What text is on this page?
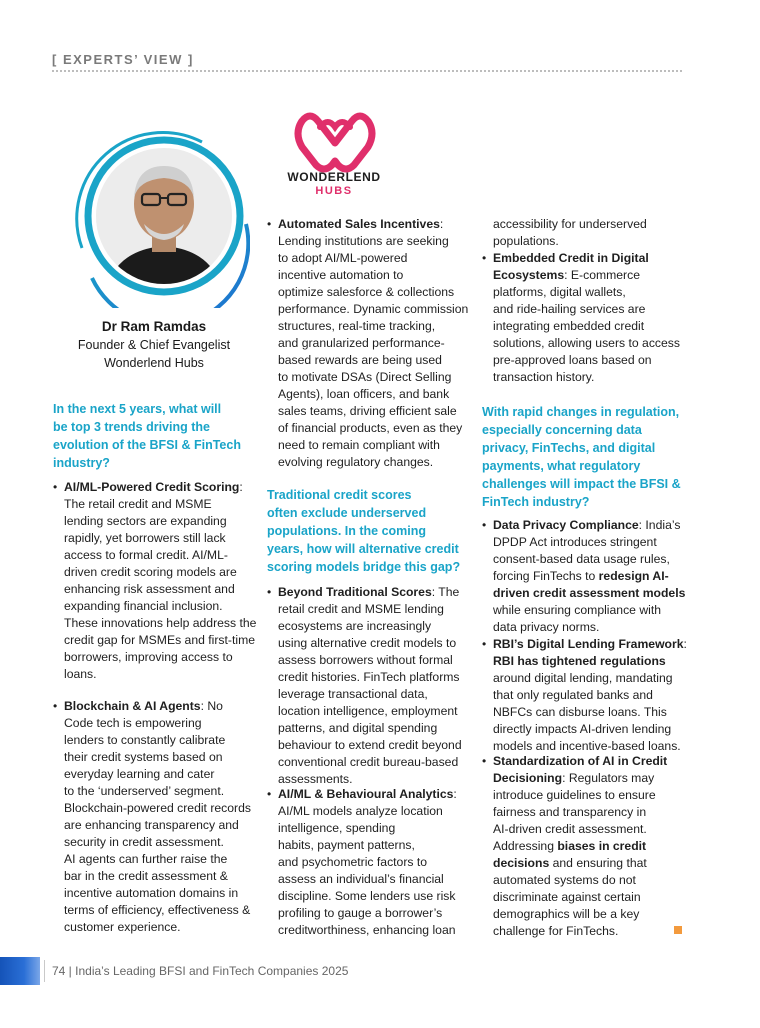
[ EXPERTS’ VIEW ]
WONDERLEND
HUBS
Dr Ram Ramdas
Founder & Chief Evangelist
Wonderlend Hubs
In the next 5 years, what will
be top 3 trends driving the
evolution of the BFSI & FinTech
industry?
• AI/ML-Powered Credit Scoring:
The retail credit and MSME
lending sectors are expanding
rapidly, yet borrowers still lack
access to formal credit. AI/ML-
driven credit scoring models are
enhancing risk assessment and
expanding financial inclusion.
These innovations help address the
credit gap for MSMEs and first-time
borrowers, improving access to
loans.
• Blockchain & AI Agents: No
Code tech is empowering
lenders to constantly calibrate
their credit systems based on
everyday learning and cater
to the ‘underserved’ segment.
Blockchain-powered credit records
are enhancing transparency and
security in credit assessment.
AI agents can further raise the
bar in the credit assessment &
incentive automation domains in
terms of efficiency, effectiveness &
customer experience.
• Automated Sales Incentives:
Lending institutions are seeking
to adopt AI/ML-powered
incentive automation to
optimize salesforce & collections
performance. Dynamic commission
structures, real-time tracking,
and granularized performance-
based rewards are being used
to motivate DSAs (Direct Selling
Agents), loan officers, and bank
sales teams, driving efficient sale
of financial products, even as they
need to remain compliant with
evolving regulatory changes.
Traditional credit scores
often exclude underserved
populations. In the coming
years, how will alternative credit
scoring models bridge this gap?
• Beyond Traditional Scores: The
retail credit and MSME lending
ecosystems are increasingly
using alternative credit models to
assess borrowers without formal
credit histories. FinTech platforms
leverage transactional data,
location intelligence, employment
patterns, and digital spending
behaviour to extend credit beyond
conventional credit bureau-based
assessments.
• AI/ML & Behavioural Analytics:
AI/ML models analyze location
intelligence, spending
habits, payment patterns,
and psychometric factors to
assess an individual’s financial
discipline. Some lenders use risk
profiling to gauge a borrower’s
creditworthiness, enhancing loan
accessibility for underserved
populations.
• Embedded Credit in Digital
Ecosystems: E-commerce
platforms, digital wallets,
and ride-hailing services are
integrating embedded credit
solutions, allowing users to access
pre-approved loans based on
transaction history.
With rapid changes in regulation,
especially concerning data
privacy, FinTechs, and digital
payments, what regulatory
challenges will impact the BFSI &
FinTech industry?
• Data Privacy Compliance: India’s
DPDP Act introduces stringent
consent-based data usage rules,
forcing FinTechs to redesign AI-
driven credit assessment models
while ensuring compliance with
data privacy norms.
• RBI’s Digital Lending Framework:
RBI has tightened regulations
around digital lending, mandating
that only regulated banks and
NBFCs can disburse loans. This
directly impacts AI-driven lending
models and incentive-based loans.
• Standardization of AI in Credit
Decisioning: Regulators may
introduce guidelines to ensure
fairness and transparency in
AI-driven credit assessment.
Addressing biases in credit
decisions and ensuring that
automated systems do not
discriminate against certain
demographics will be a key
challenge for FinTechs.
74 | India’s Leading BFSI and FinTech Companies 2025
